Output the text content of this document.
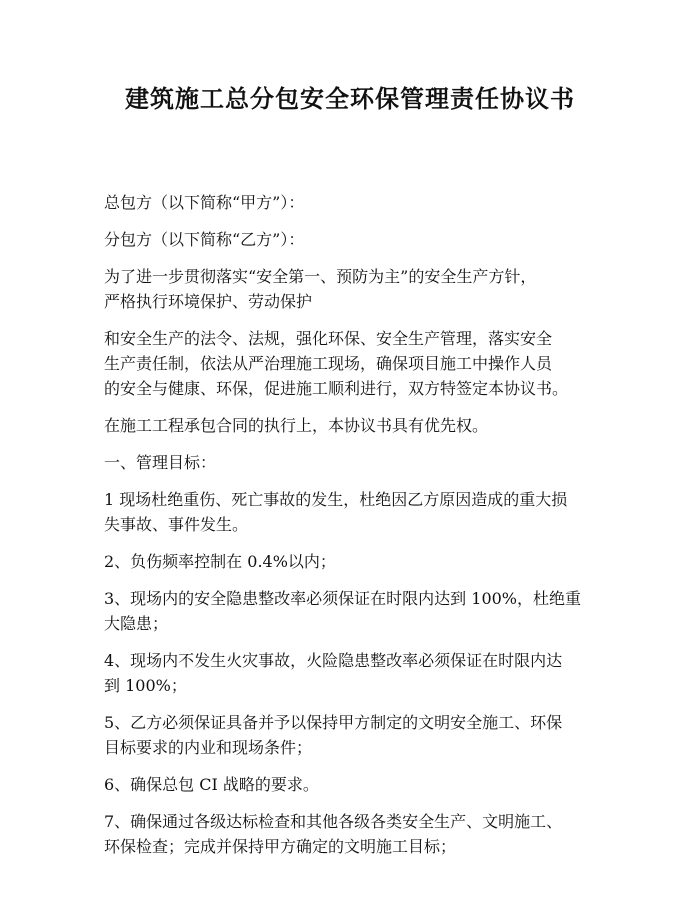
建筑施工总分包安全环保管理责任协议书

总包方（以下简称“甲方”）：

分包方（以下简称“乙方”）：

为了进一步贯彻落实“安全第一、预防为主”的安全生产方针，
严格执行环境保护、劳动保护

和安全生产的法令、法规，强化环保、安全生产管理，落实安全
生产责任制，依法从严治理施工现场，确保项目施工中操作人员
的安全与健康、环保，促进施工顺利进行，双方特签定本协议书。

在施工工程承包合同的执行上，本协议书具有优先权。

一、管理目标：

1 现场杜绝重伤、死亡事故的发生，杜绝因乙方原因造成的重大损
失事故、事件发生。

2、负伤频率控制在 0.4%以内；

3、现场内的安全隐患整改率必须保证在时限内达到 100%，杜绝重
大隐患；

4、现场内不发生火灾事故，火险隐患整改率必须保证在时限内达
到 100%；

5、乙方必须保证具备并予以保持甲方制定的文明安全施工、环保
目标要求的内业和现场条件；

6、确保总包 CI 战略的要求。

7、确保通过各级达标检查和其他各级各类安全生产、文明施工、
环保检查；完成并保持甲方确定的文明施工目标；
